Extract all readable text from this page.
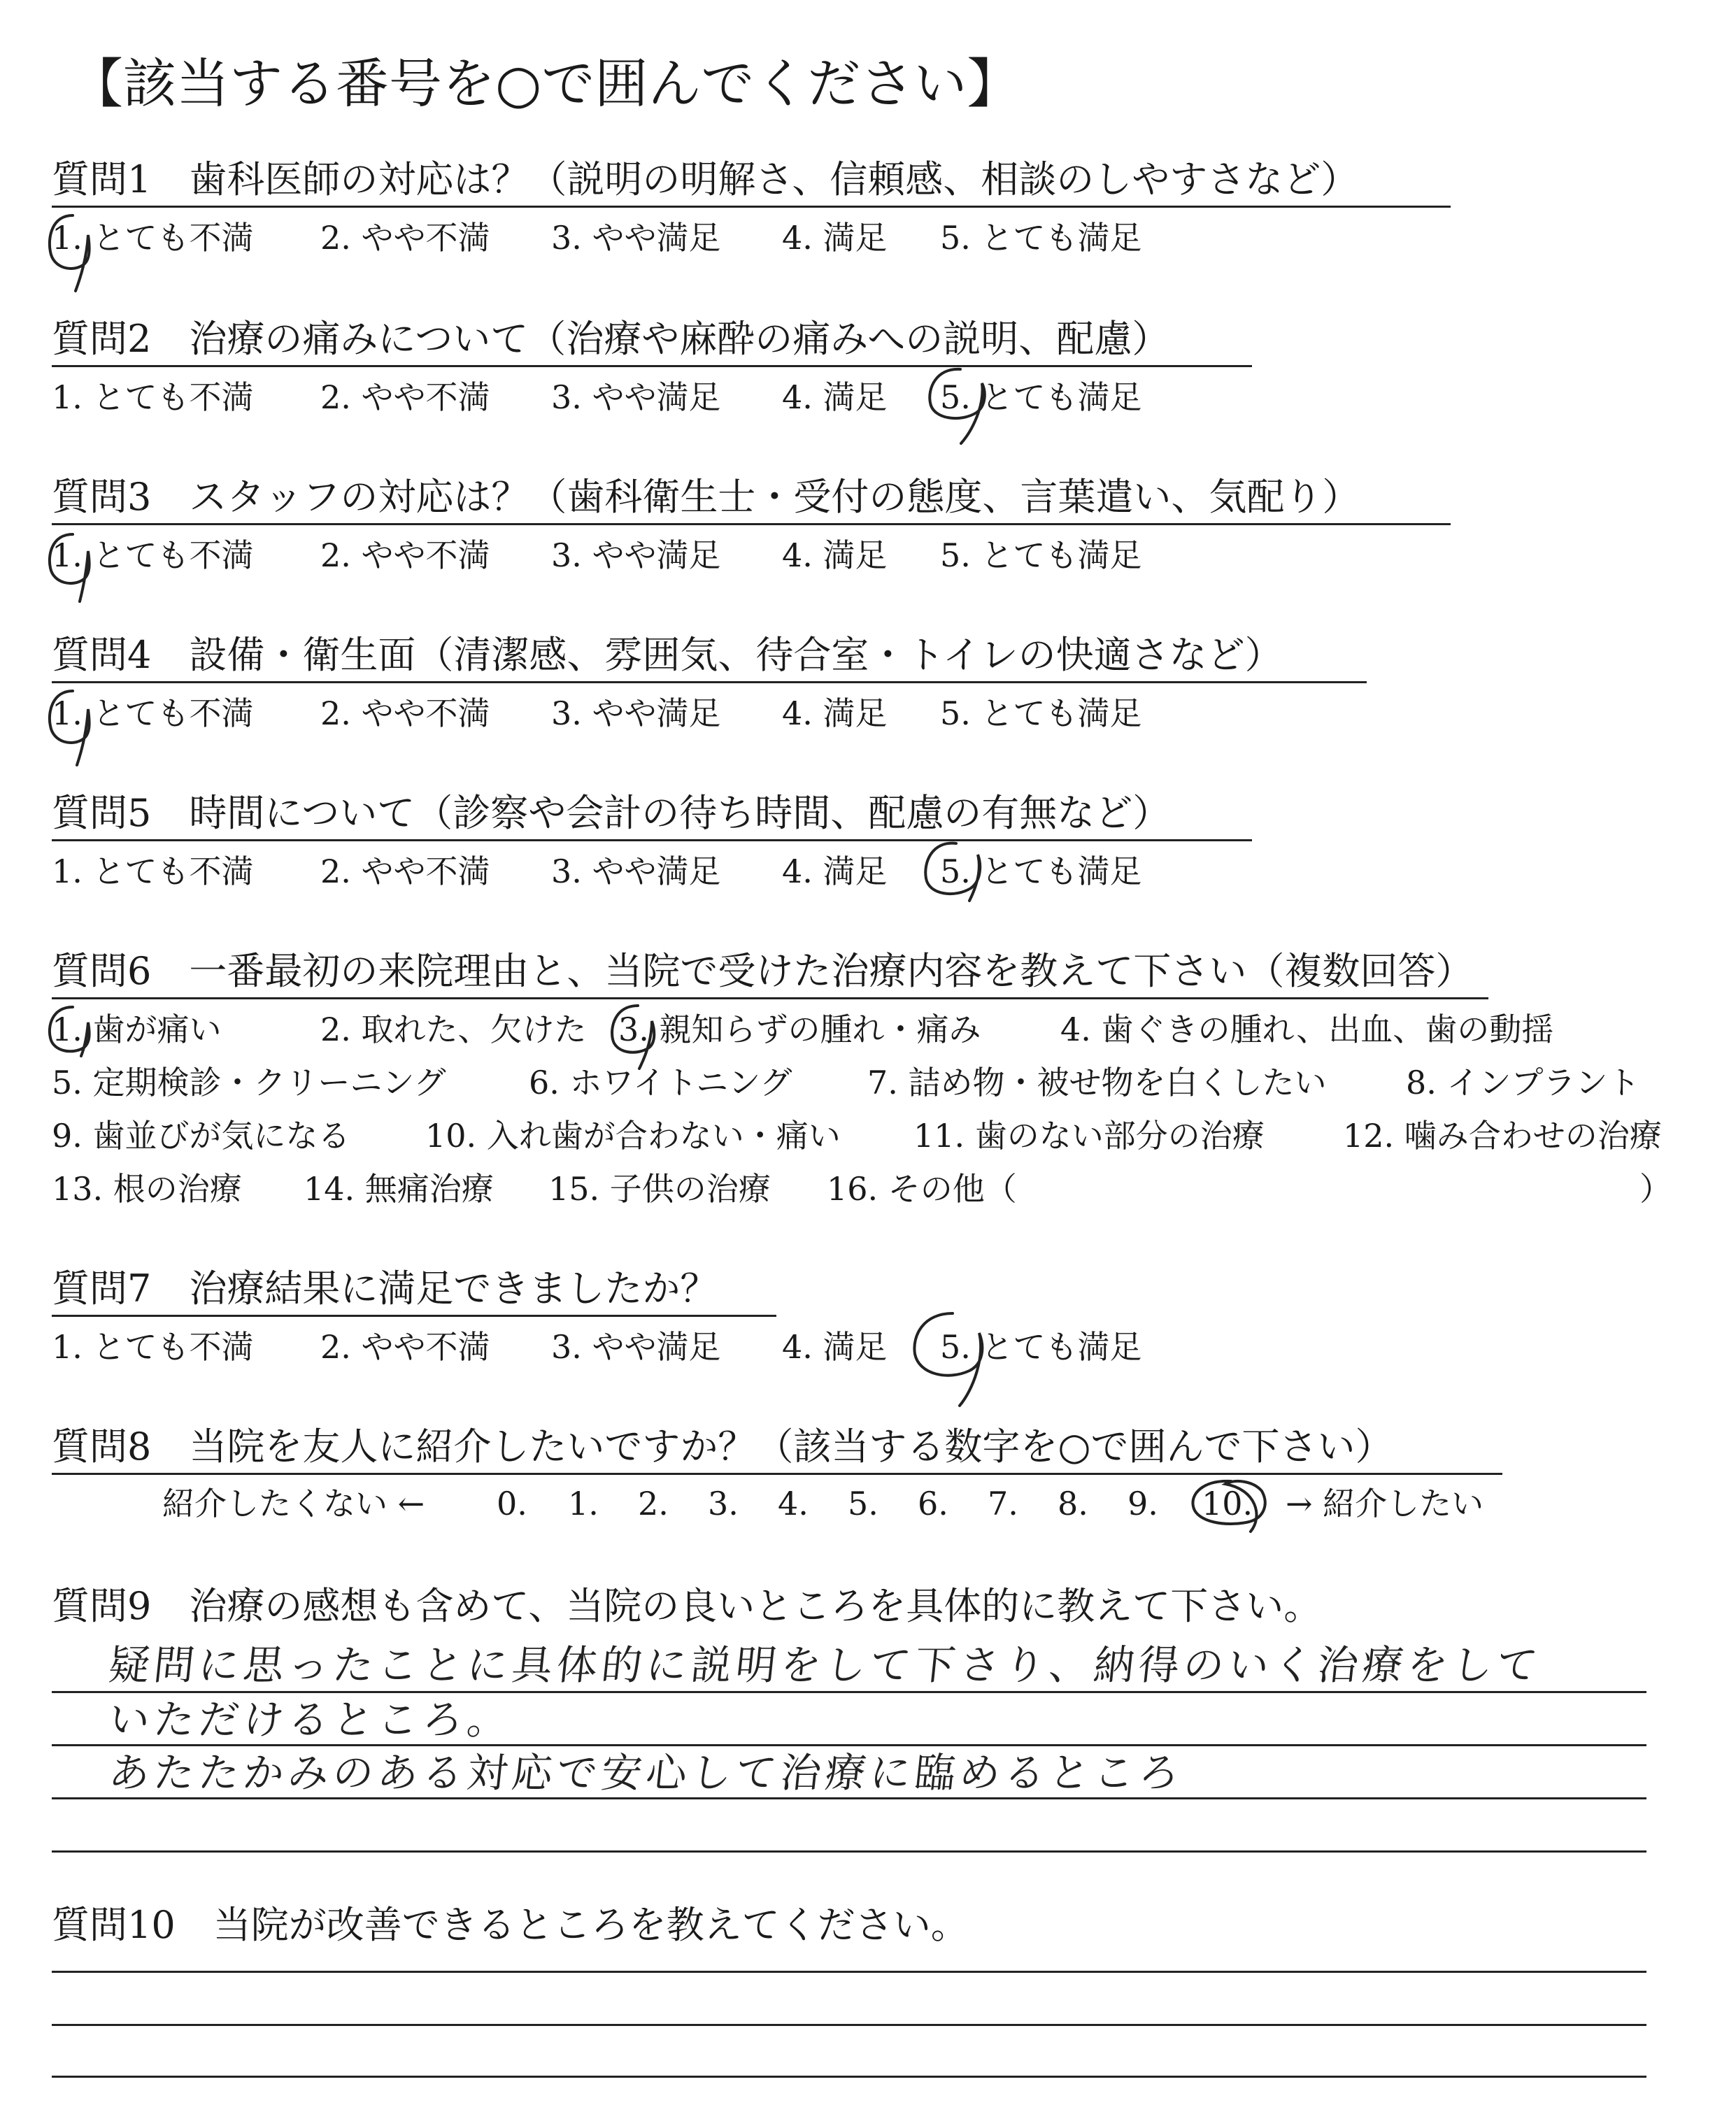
【該当する番号を○で囲んでください】
質問1　歯科医師の対応は？（説明の明解さ、信頼感、相談のしやすさなど）
1. とても不満 2. やや不満 3. やや満足 4. 満足 5. とても満足
質問2　治療の痛みについて（治療や麻酔の痛みへの説明、配慮）
1. とても不満 2. やや不満 3. やや満足 4. 満足 5. とても満足
質問3　スタッフの対応は？（歯科衛生士・受付の態度、言葉遣い、気配り）
1. とても不満 2. やや不満 3. やや満足 4. 満足 5. とても満足
質問4　設備・衛生面（清潔感、雰囲気、待合室・トイレの快適さなど）
1. とても不満 2. やや不満 3. やや満足 4. 満足 5. とても満足
質問5　時間について（診察や会計の待ち時間、配慮の有無など）
1. とても不満 2. やや不満 3. やや満足 4. 満足 5. とても満足
質問6　一番最初の来院理由と、当院で受けた治療内容を教えて下さい（複数回答）
1. 歯が痛い	2. 取れた、欠けた 3. 親知らずの腫れ・痛み 4. 歯ぐきの腫れ、出血、歯の動揺
5. 定期検診・クリーニング	6. ホワイトニング 7. 詰め物・被せ物を白くしたい 8. インプラント
9. 歯並びが気になる 10. 入れ歯が合わない・痛い 11. 歯のない部分の治療 12. 噛み合わせの治療
13. 根の治療 14. 無痛治療 15. 子供の治療 16. その他（	）
質問7　治療結果に満足できましたか？
1. とても不満 2. やや不満 3. やや満足 4. 満足 5. とても満足
質問8　当院を友人に紹介したいですか？（該当する数字を○で囲んで下さい）
紹介したくない ← 0. 1. 2. 3. 4. 5. 6. 7. 8. 9. 10. → 紹介したい
質問9　治療の感想も含めて、当院の良いところを具体的に教えて下さい。
疑問に思ったことに具体的に説明をして下さり、納得のいく治療をして
いただけるところ。
あたたかみのある対応で安心して治療に臨めるところ
質問10　当院が改善できるところを教えてください。
